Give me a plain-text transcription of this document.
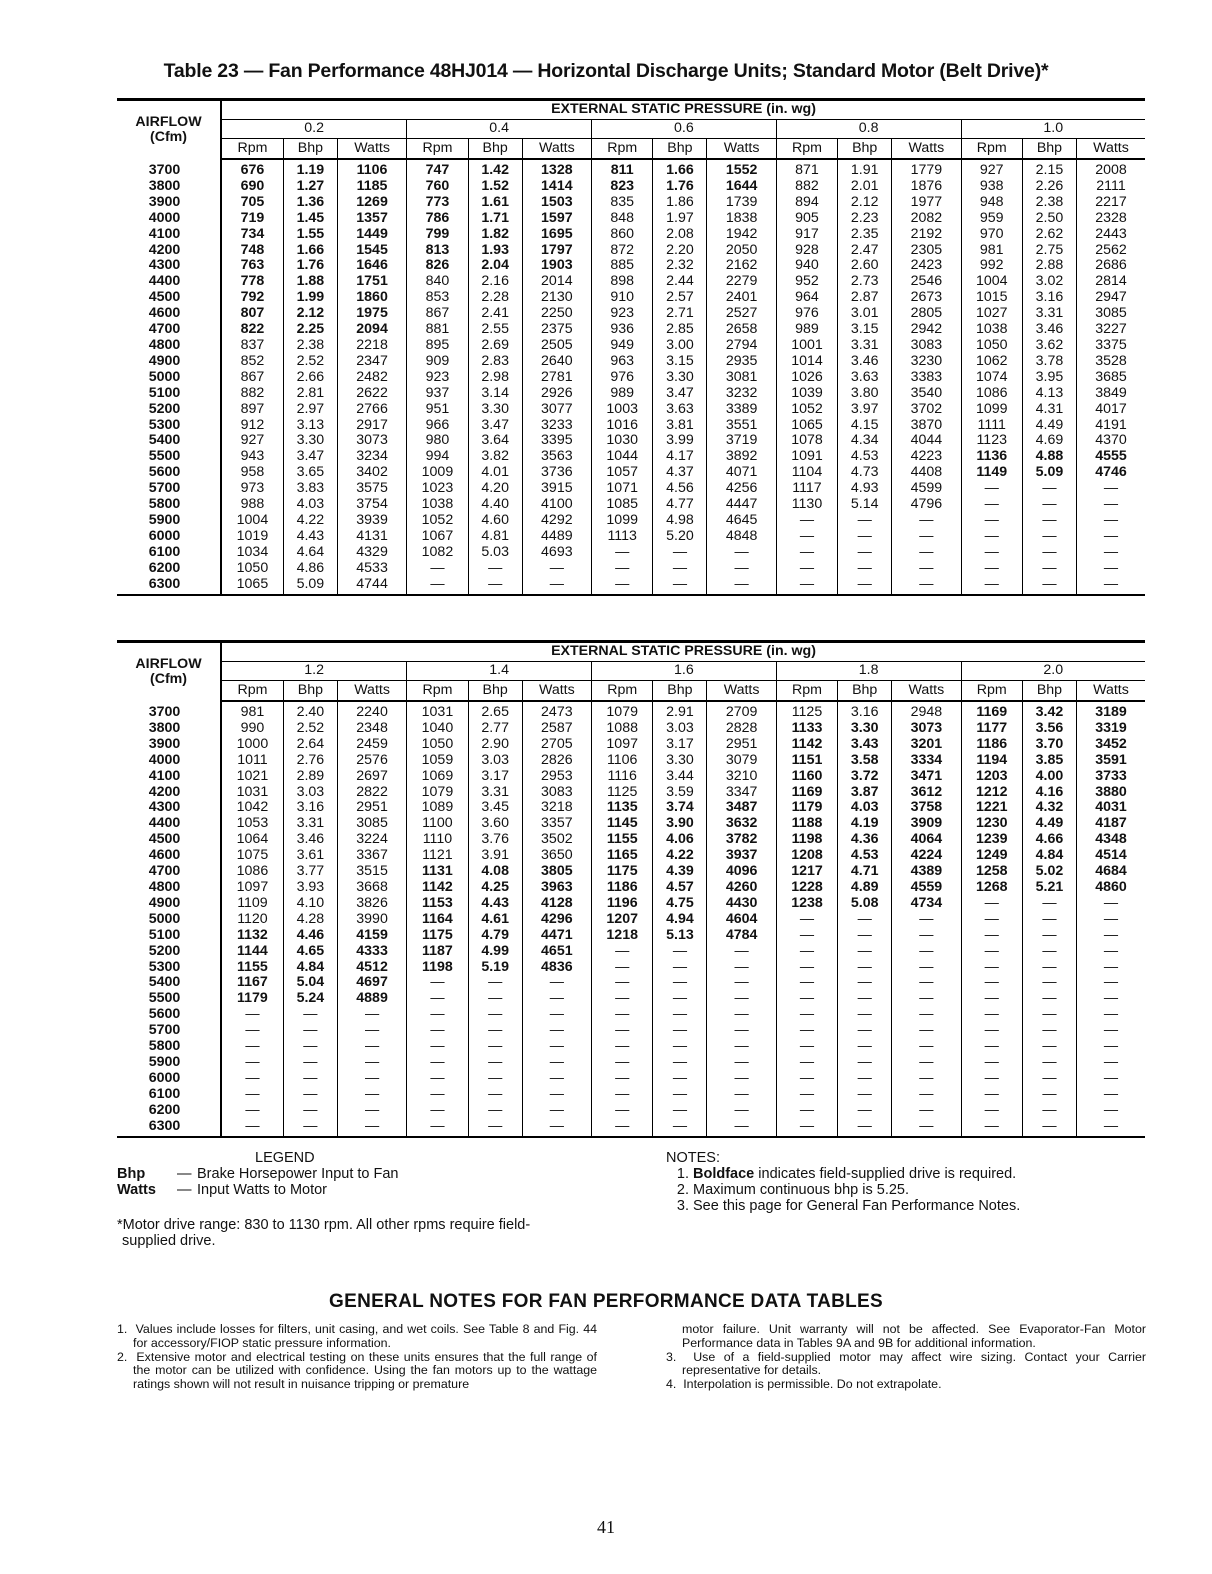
Table 23 — Fan Performance 48HJ014 — Horizontal Discharge Units; Standard Motor (Belt Drive)*
AIRFLOW
(Cfm)	EXTERNAL STATIC PRESSURE (in. wg)														
	0.2			0.4			0.6			0.8			1.0		
	Rpm	Bhp	Watts	Rpm	Bhp	Watts	Rpm	Bhp	Watts	Rpm	Bhp	Watts	Rpm	Bhp	Watts
3700	676	1.19	1106	747	1.42	1328	811	1.66	1552	871	1.91	1779	927	2.15	2008
3800	690	1.27	1185	760	1.52	1414	823	1.76	1644	882	2.01	1876	938	2.26	2111
3900	705	1.36	1269	773	1.61	1503	835	1.86	1739	894	2.12	1977	948	2.38	2217
4000	719	1.45	1357	786	1.71	1597	848	1.97	1838	905	2.23	2082	959	2.50	2328
4100	734	1.55	1449	799	1.82	1695	860	2.08	1942	917	2.35	2192	970	2.62	2443
4200	748	1.66	1545	813	1.93	1797	872	2.20	2050	928	2.47	2305	981	2.75	2562
4300	763	1.76	1646	826	2.04	1903	885	2.32	2162	940	2.60	2423	992	2.88	2686
4400	778	1.88	1751	840	2.16	2014	898	2.44	2279	952	2.73	2546	1004	3.02	2814
4500	792	1.99	1860	853	2.28	2130	910	2.57	2401	964	2.87	2673	1015	3.16	2947
4600	807	2.12	1975	867	2.41	2250	923	2.71	2527	976	3.01	2805	1027	3.31	3085
4700	822	2.25	2094	881	2.55	2375	936	2.85	2658	989	3.15	2942	1038	3.46	3227
4800	837	2.38	2218	895	2.69	2505	949	3.00	2794	1001	3.31	3083	1050	3.62	3375
4900	852	2.52	2347	909	2.83	2640	963	3.15	2935	1014	3.46	3230	1062	3.78	3528
5000	867	2.66	2482	923	2.98	2781	976	3.30	3081	1026	3.63	3383	1074	3.95	3685
5100	882	2.81	2622	937	3.14	2926	989	3.47	3232	1039	3.80	3540	1086	4.13	3849
5200	897	2.97	2766	951	3.30	3077	1003	3.63	3389	1052	3.97	3702	1099	4.31	4017
5300	912	3.13	2917	966	3.47	3233	1016	3.81	3551	1065	4.15	3870	1111	4.49	4191
5400	927	3.30	3073	980	3.64	3395	1030	3.99	3719	1078	4.34	4044	1123	4.69	4370
5500	943	3.47	3234	994	3.82	3563	1044	4.17	3892	1091	4.53	4223	1136	4.88	4555
5600	958	3.65	3402	1009	4.01	3736	1057	4.37	4071	1104	4.73	4408	1149	5.09	4746
5700	973	3.83	3575	1023	4.20	3915	1071	4.56	4256	1117	4.93	4599	—	—	—
5800	988	4.03	3754	1038	4.40	4100	1085	4.77	4447	1130	5.14	4796	—	—	—
5900	1004	4.22	3939	1052	4.60	4292	1099	4.98	4645	—	—	—	—	—	—
6000	1019	4.43	4131	1067	4.81	4489	1113	5.20	4848	—	—	—	—	—	—
6100	1034	4.64	4329	1082	5.03	4693	—	—	—	—	—	—	—	—	—
6200	1050	4.86	4533	—	—	—	—	—	—	—	—	—	—	—	—
6300	1065	5.09	4744	—	—	—	—	—	—	—	—	—	—	—	—
AIRFLOW
(Cfm)	EXTERNAL STATIC PRESSURE (in. wg)														
	1.2			1.4			1.6			1.8			2.0		
	Rpm	Bhp	Watts	Rpm	Bhp	Watts	Rpm	Bhp	Watts	Rpm	Bhp	Watts	Rpm	Bhp	Watts
3700	981	2.40	2240	1031	2.65	2473	1079	2.91	2709	1125	3.16	2948	1169	3.42	3189
3800	990	2.52	2348	1040	2.77	2587	1088	3.03	2828	1133	3.30	3073	1177	3.56	3319
3900	1000	2.64	2459	1050	2.90	2705	1097	3.17	2951	1142	3.43	3201	1186	3.70	3452
4000	1011	2.76	2576	1059	3.03	2826	1106	3.30	3079	1151	3.58	3334	1194	3.85	3591
4100	1021	2.89	2697	1069	3.17	2953	1116	3.44	3210	1160	3.72	3471	1203	4.00	3733
4200	1031	3.03	2822	1079	3.31	3083	1125	3.59	3347	1169	3.87	3612	1212	4.16	3880
4300	1042	3.16	2951	1089	3.45	3218	1135	3.74	3487	1179	4.03	3758	1221	4.32	4031
4400	1053	3.31	3085	1100	3.60	3357	1145	3.90	3632	1188	4.19	3909	1230	4.49	4187
4500	1064	3.46	3224	1110	3.76	3502	1155	4.06	3782	1198	4.36	4064	1239	4.66	4348
4600	1075	3.61	3367	1121	3.91	3650	1165	4.22	3937	1208	4.53	4224	1249	4.84	4514
4700	1086	3.77	3515	1131	4.08	3805	1175	4.39	4096	1217	4.71	4389	1258	5.02	4684
4800	1097	3.93	3668	1142	4.25	3963	1186	4.57	4260	1228	4.89	4559	1268	5.21	4860
4900	1109	4.10	3826	1153	4.43	4128	1196	4.75	4430	1238	5.08	4734	—	—	—
5000	1120	4.28	3990	1164	4.61	4296	1207	4.94	4604	—	—	—	—	—	—
5100	1132	4.46	4159	1175	4.79	4471	1218	5.13	4784	—	—	—	—	—	—
5200	1144	4.65	4333	1187	4.99	4651	—	—	—	—	—	—	—	—	—
5300	1155	4.84	4512	1198	5.19	4836	—	—	—	—	—	—	—	—	—
5400	1167	5.04	4697	—	—	—	—	—	—	—	—	—	—	—	—
5500	1179	5.24	4889	—	—	—	—	—	—	—	—	—	—	—	—
5600	—	—	—	—	—	—	—	—	—	—	—	—	—	—	—
5700	—	—	—	—	—	—	—	—	—	—	—	—	—	—	—
5800	—	—	—	—	—	—	—	—	—	—	—	—	—	—	—
5900	—	—	—	—	—	—	—	—	—	—	—	—	—	—	—
6000	—	—	—	—	—	—	—	—	—	—	—	—	—	—	—
6100	—	—	—	—	—	—	—	—	—	—	—	—	—	—	—
6200	—	—	—	—	—	—	—	—	—	—	—	—	—	—	—
6300	—	—	—	—	—	—	—	—	—	—	—	—	—	—	—
LEGEND
Bhp	— Brake Horsepower Input to Fan
Watts	— Input Watts to Motor
*Motor drive range: 830 to 1130 rpm. All other rpms require field-
supplied drive.
NOTES:
1. Boldface indicates field-supplied drive is required.
2. Maximum continuous bhp is 5.25.
3. See this page for General Fan Performance Notes.
GENERAL NOTES FOR FAN PERFORMANCE DATA TABLES

1. Values include losses for filters, unit casing, and wet coils. See Table 8 and Fig. 44 for accessory/FIOP static pressure information.

2. Extensive motor and electrical testing on these units ensures that the full range of the motor can be utilized with confidence. Using the fan motors up to the wattage ratings shown will not result in nuisance tripping or premature

motor failure. Unit warranty will not be affected. See Evaporator-Fan Motor Performance data in Tables 9A and 9B for additional information.

3. Use of a field-supplied motor may affect wire sizing. Contact your Carrier representative for details.

4. Interpolation is permissible. Do not extrapolate.

41
